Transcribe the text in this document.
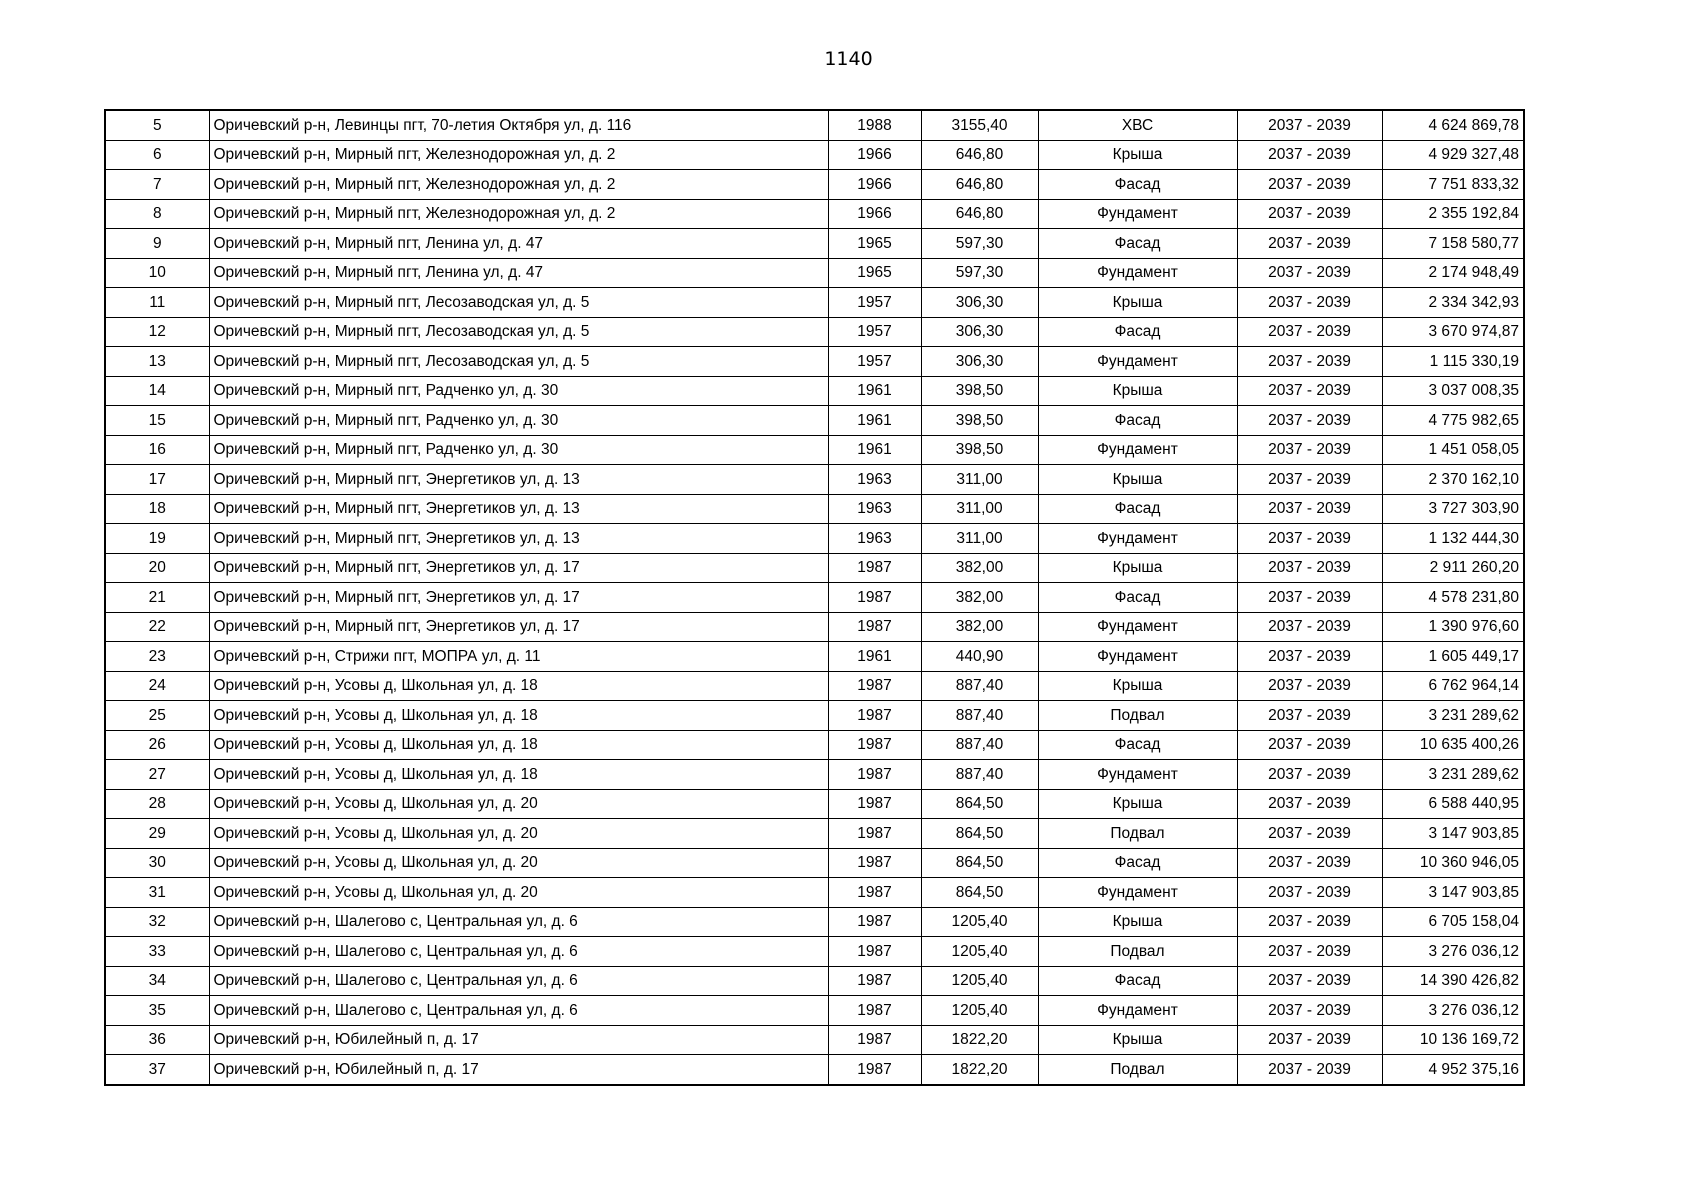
1140
5	Оричевский р-н, Левинцы пгт, 70-летия Октября ул, д. 116	1988	3155,40	ХВС	2037 - 2039	4 624 869,78
6	Оричевский р-н, Мирный пгт, Железнодорожная ул, д. 2	1966	646,80	Крыша	2037 - 2039	4 929 327,48
7	Оричевский р-н, Мирный пгт, Железнодорожная ул, д. 2	1966	646,80	Фасад	2037 - 2039	7 751 833,32
8	Оричевский р-н, Мирный пгт, Железнодорожная ул, д. 2	1966	646,80	Фундамент	2037 - 2039	2 355 192,84
9	Оричевский р-н, Мирный пгт, Ленина ул, д. 47	1965	597,30	Фасад	2037 - 2039	7 158 580,77
10	Оричевский р-н, Мирный пгт, Ленина ул, д. 47	1965	597,30	Фундамент	2037 - 2039	2 174 948,49
11	Оричевский р-н, Мирный пгт, Лесозаводская ул, д. 5	1957	306,30	Крыша	2037 - 2039	2 334 342,93
12	Оричевский р-н, Мирный пгт, Лесозаводская ул, д. 5	1957	306,30	Фасад	2037 - 2039	3 670 974,87
13	Оричевский р-н, Мирный пгт, Лесозаводская ул, д. 5	1957	306,30	Фундамент	2037 - 2039	1 115 330,19
14	Оричевский р-н, Мирный пгт, Радченко ул, д. 30	1961	398,50	Крыша	2037 - 2039	3 037 008,35
15	Оричевский р-н, Мирный пгт, Радченко ул, д. 30	1961	398,50	Фасад	2037 - 2039	4 775 982,65
16	Оричевский р-н, Мирный пгт, Радченко ул, д. 30	1961	398,50	Фундамент	2037 - 2039	1 451 058,05
17	Оричевский р-н, Мирный пгт, Энергетиков ул, д. 13	1963	311,00	Крыша	2037 - 2039	2 370 162,10
18	Оричевский р-н, Мирный пгт, Энергетиков ул, д. 13	1963	311,00	Фасад	2037 - 2039	3 727 303,90
19	Оричевский р-н, Мирный пгт, Энергетиков ул, д. 13	1963	311,00	Фундамент	2037 - 2039	1 132 444,30
20	Оричевский р-н, Мирный пгт, Энергетиков ул, д. 17	1987	382,00	Крыша	2037 - 2039	2 911 260,20
21	Оричевский р-н, Мирный пгт, Энергетиков ул, д. 17	1987	382,00	Фасад	2037 - 2039	4 578 231,80
22	Оричевский р-н, Мирный пгт, Энергетиков ул, д. 17	1987	382,00	Фундамент	2037 - 2039	1 390 976,60
23	Оричевский р-н, Стрижи пгт, МОПРА ул, д. 11	1961	440,90	Фундамент	2037 - 2039	1 605 449,17
24	Оричевский р-н, Усовы д, Школьная ул, д. 18	1987	887,40	Крыша	2037 - 2039	6 762 964,14
25	Оричевский р-н, Усовы д, Школьная ул, д. 18	1987	887,40	Подвал	2037 - 2039	3 231 289,62
26	Оричевский р-н, Усовы д, Школьная ул, д. 18	1987	887,40	Фасад	2037 - 2039	10 635 400,26
27	Оричевский р-н, Усовы д, Школьная ул, д. 18	1987	887,40	Фундамент	2037 - 2039	3 231 289,62
28	Оричевский р-н, Усовы д, Школьная ул, д. 20	1987	864,50	Крыша	2037 - 2039	6 588 440,95
29	Оричевский р-н, Усовы д, Школьная ул, д. 20	1987	864,50	Подвал	2037 - 2039	3 147 903,85
30	Оричевский р-н, Усовы д, Школьная ул, д. 20	1987	864,50	Фасад	2037 - 2039	10 360 946,05
31	Оричевский р-н, Усовы д, Школьная ул, д. 20	1987	864,50	Фундамент	2037 - 2039	3 147 903,85
32	Оричевский р-н, Шалегово с, Центральная ул, д. 6	1987	1205,40	Крыша	2037 - 2039	6 705 158,04
33	Оричевский р-н, Шалегово с, Центральная ул, д. 6	1987	1205,40	Подвал	2037 - 2039	3 276 036,12
34	Оричевский р-н, Шалегово с, Центральная ул, д. 6	1987	1205,40	Фасад	2037 - 2039	14 390 426,82
35	Оричевский р-н, Шалегово с, Центральная ул, д. 6	1987	1205,40	Фундамент	2037 - 2039	3 276 036,12
36	Оричевский р-н, Юбилейный п, д. 17	1987	1822,20	Крыша	2037 - 2039	10 136 169,72
37	Оричевский р-н, Юбилейный п, д. 17	1987	1822,20	Подвал	2037 - 2039	4 952 375,16
